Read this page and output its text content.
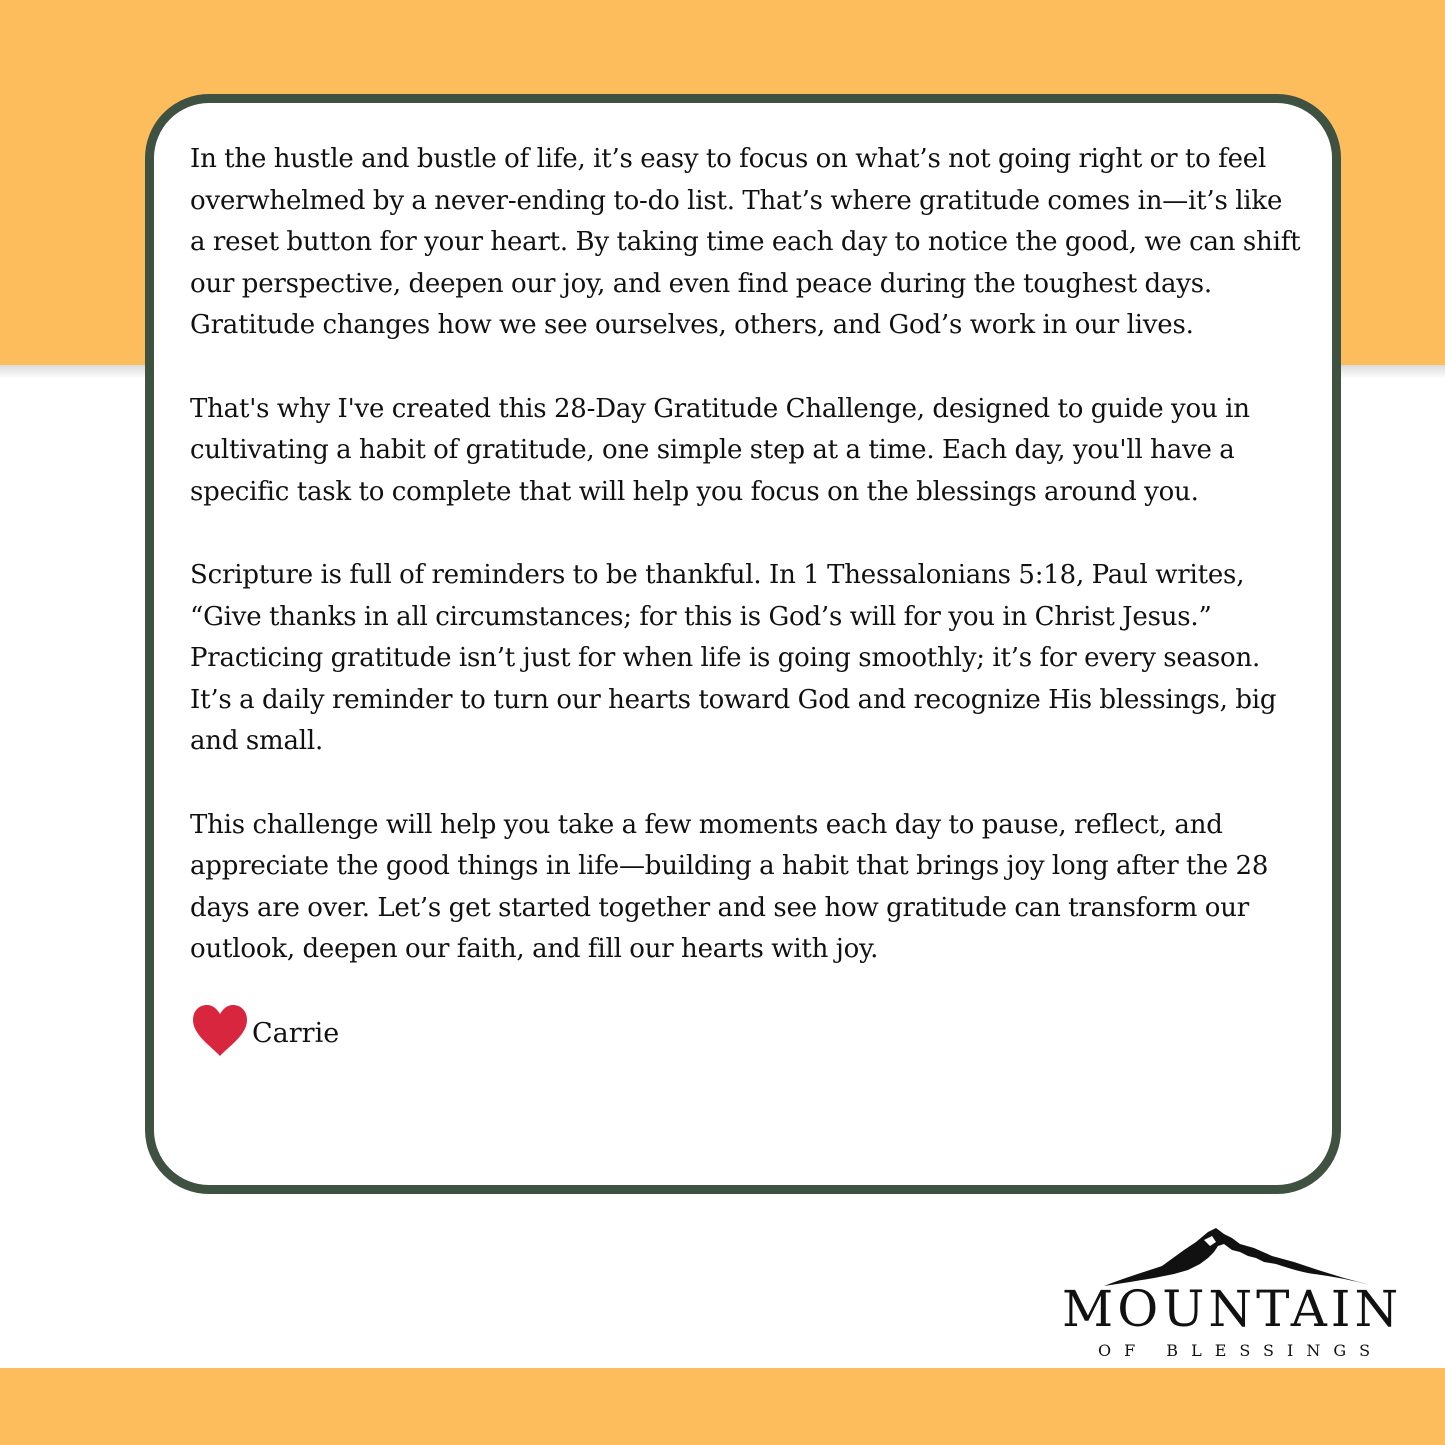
In the hustle and bustle of life, it’s easy to focus on what’s not going right or to feel overwhelmed by a never-ending to-do list. That’s where gratitude comes in—it’s like a reset button for your heart. By taking time each day to notice the good, we can shift our perspective, deepen our joy, and even find peace during the toughest days. Gratitude changes how we see ourselves, others, and God’s work in our lives.

That's why I've created this 28-Day Gratitude Challenge, designed to guide you in cultivating a habit of gratitude, one simple step at a time. Each day, you'll have a specific task to complete that will help you focus on the blessings around you.

Scripture is full of reminders to be thankful. In 1 Thessalonians 5:18, Paul writes, “Give thanks in all circumstances; for this is God’s will for you in Christ Jesus.” Practicing gratitude isn’t just for when life is going smoothly; it’s for every season. It’s a daily reminder to turn our hearts toward God and recognize His blessings, big and small.

This challenge will help you take a few moments each day to pause, reflect, and appreciate the good things in life—building a habit that brings joy long after the 28 days are over. Let’s get started together and see how gratitude can transform our outlook, deepen our faith, and fill our hearts with joy.

Carrie
MOUNTAIN
OF BLESSINGS
